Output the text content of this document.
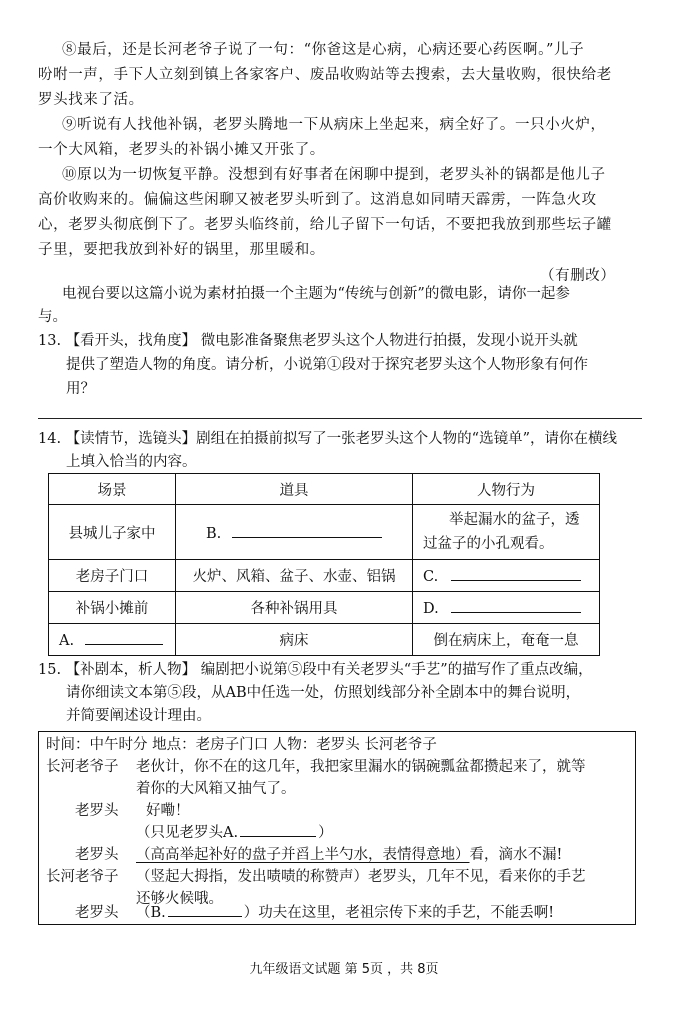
⑧最后，还是长河老爷子说了一句：“你爸这是心病，心病还要心药医啊。”儿子
吩咐一声，手下人立刻到镇上各家客户、废品收购站等去搜索，去大量收购，很快给老
罗头找来了活。
⑨听说有人找他补锅，老罗头腾地一下从病床上坐起来，病全好了。一只小火炉，
一个大风箱，老罗头的补锅小摊又开张了。
⑩原以为一切恢复平静。没想到有好事者在闲聊中提到，老罗头补的锅都是他儿子
高价收购来的。偏偏这些闲聊又被老罗头听到了。这消息如同晴天霹雳，一阵急火攻
心，老罗头彻底倒下了。老罗头临终前，给儿子留下一句话，不要把我放到那些坛子罐
子里，要把我放到补好的锅里，那里暖和。
（有删改）
电视台要以这篇小说为素材拍摄一个主题为“传统与创新”的微电影，请你一起参
与。
13. 【看开头，找角度】 微电影准备聚焦老罗头这个人物进行拍摄，发现小说开头就
提供了塑造人物的角度。请分析，小说第①段对于探究老罗头这个人物形象有何作
用？
14. 【读情节，选镜头】剧组在拍摄前拟写了一张老罗头这个人物的“选镜单”，请你在横线
上填入恰当的内容。
场景	道具	人物行为
县城儿子家中	B.	举起漏水的盆子，透
过盆子的小孔观看。

老房子门口	火炉、风箱、盆子、水壶、铝锅	C.
补锅小摊前	各种补锅用具	D.
A.	病床	倒在病床上，奄奄一息
15. 【补剧本，析人物】 编剧把小说第⑤段中有关老罗头“手艺”的描写作了重点改编，
请你细读文本第⑤段，从AB中任选一处，仿照划线部分补全剧本中的舞台说明，
并简要阐述设计理由。
时间：中午时分 地点：老房子门口 人物：老罗头 长河老爷子
长河老爷子 老伙计，你不在的这几年，我把家里漏水的锅碗瓢盆都攒起来了，就等
着你的大风箱又抽气了。
老罗头 好嘞！
（只见老罗头A.	）
老罗头 （高高举起补好的盘子并舀上半勺水，表情得意地）看，滴水不漏!
长河老爷子 （竖起大拇指，发出啧啧的称赞声）老罗头，几年不见，看来你的手艺
还够火候哦。
老罗头 （B.	）功夫在这里，老祖宗传下来的手艺，不能丢啊!
九年级语文试题 第 5页 ，共 8页
